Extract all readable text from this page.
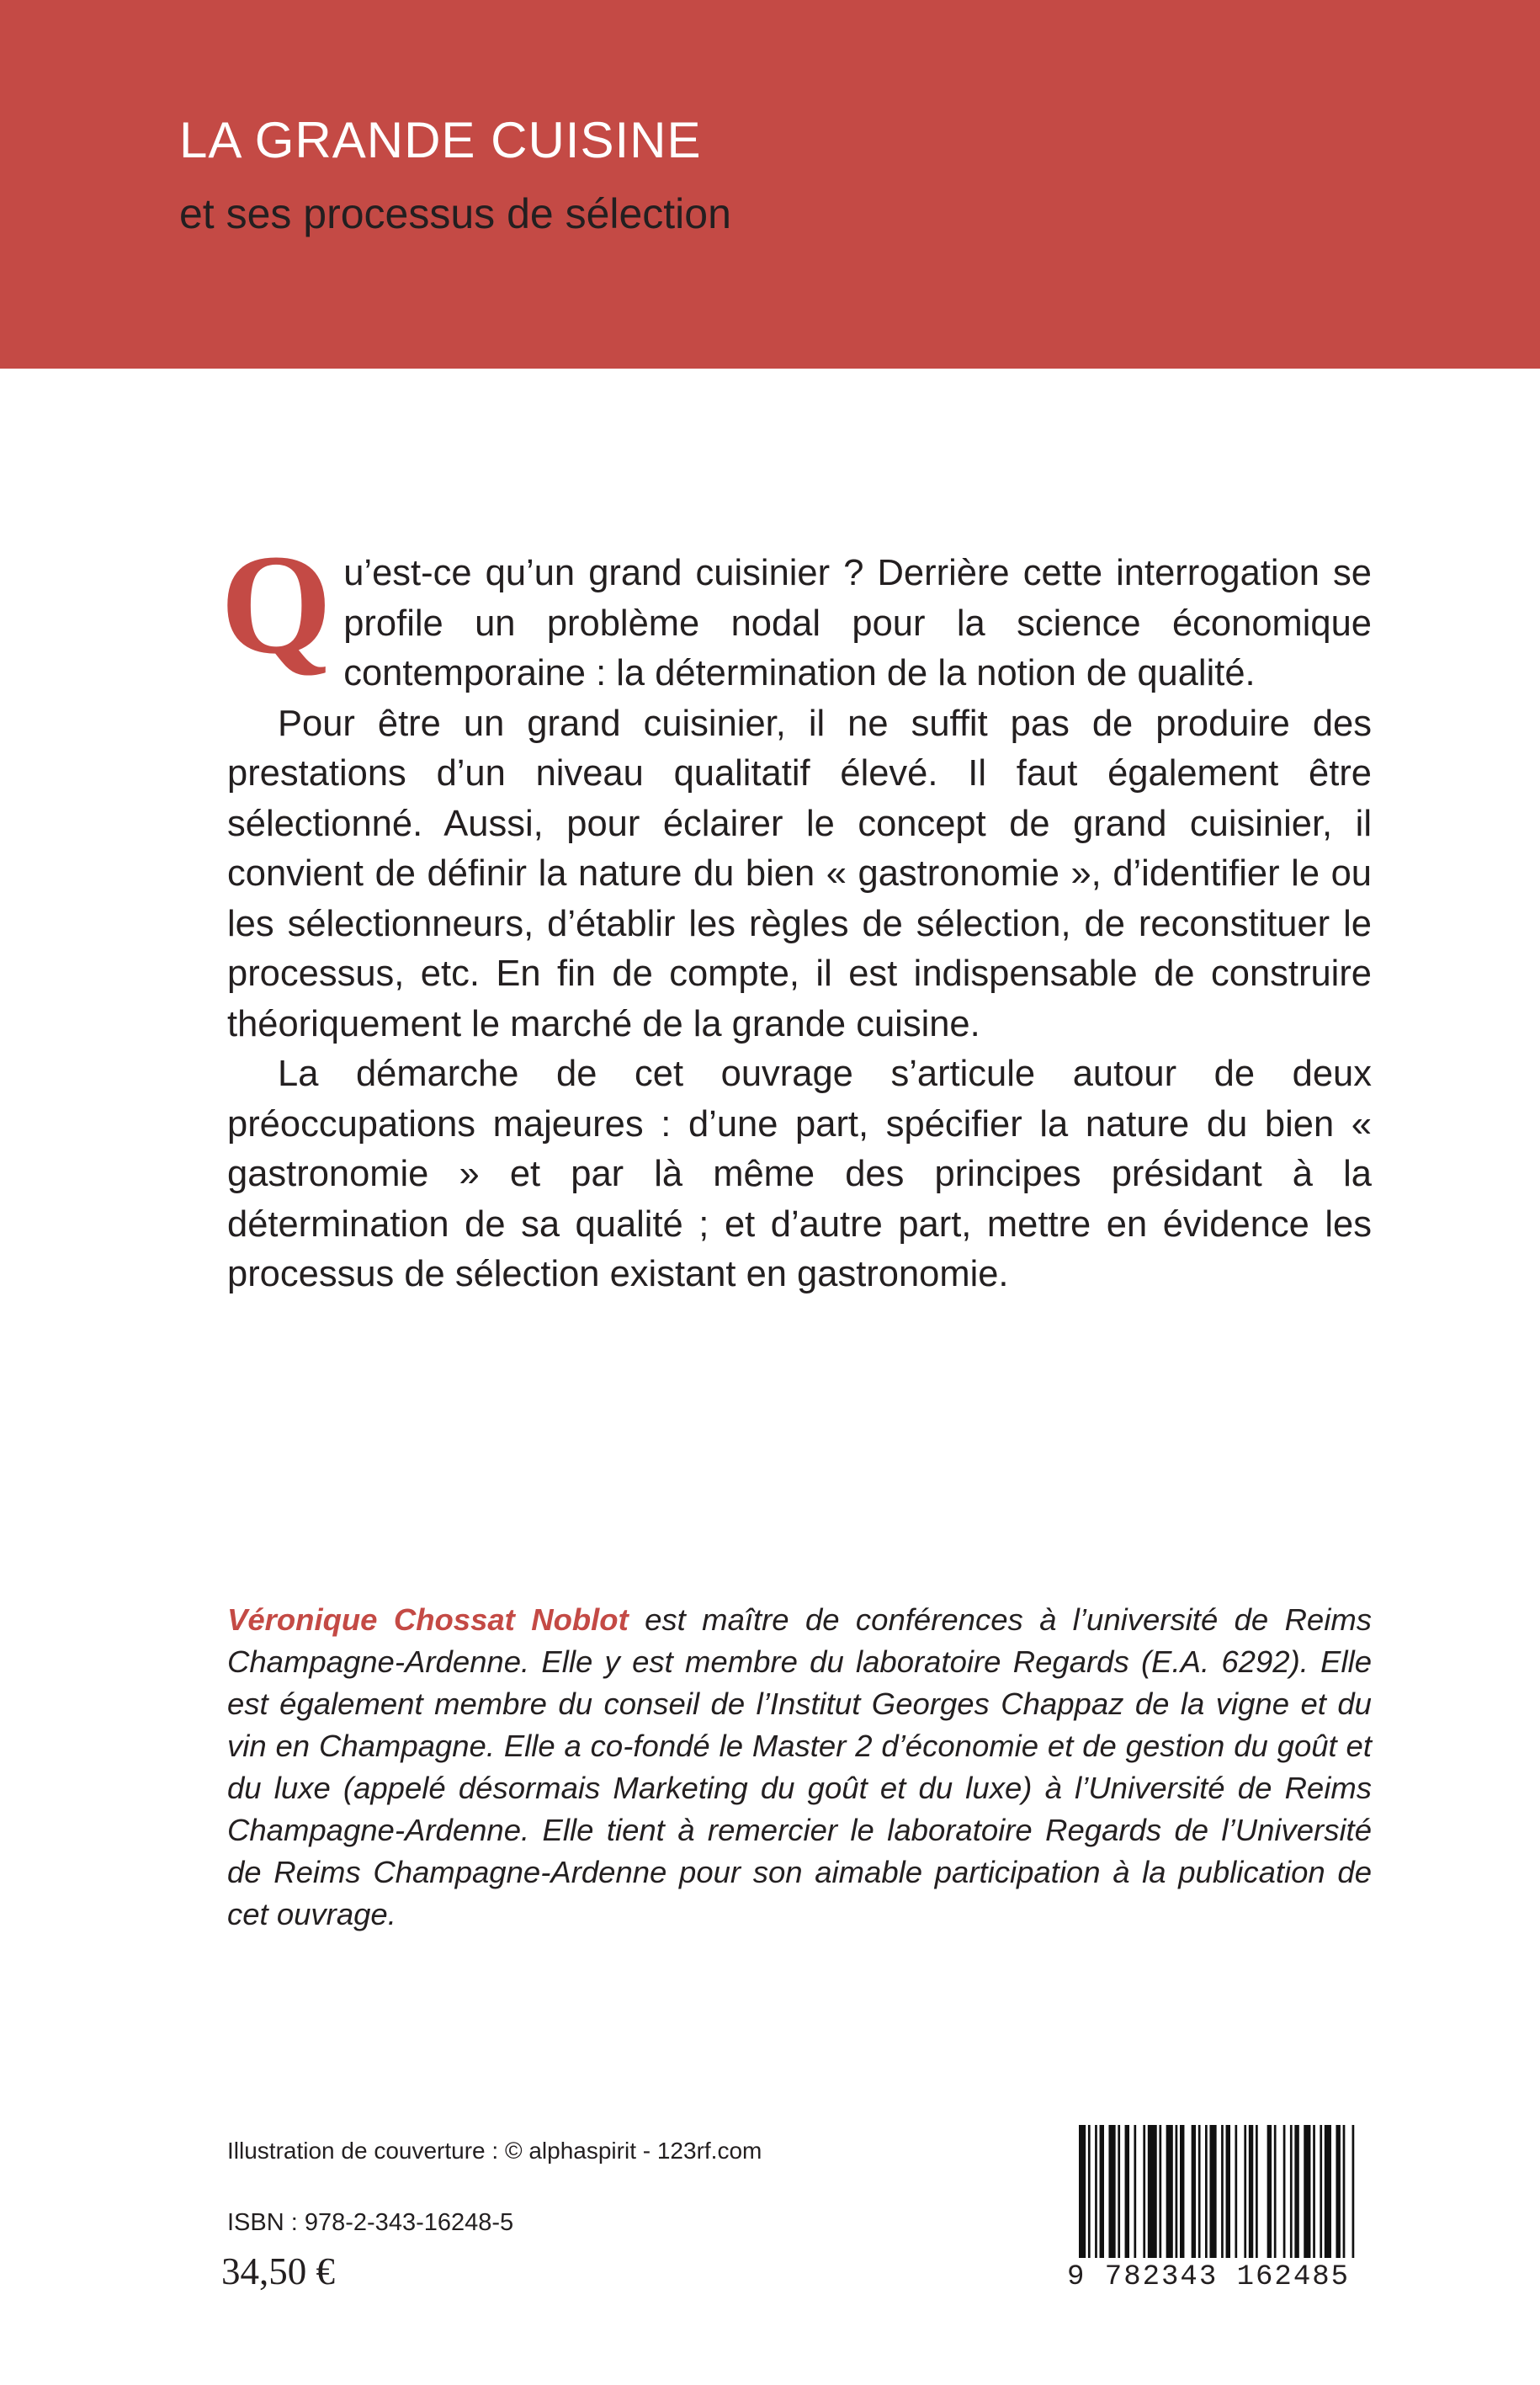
LA GRANDE CUISINE
et ses processus de sélection

Qu’est-ce qu’un grand cuisinier ? Derrière cette interrogation se profile un problème nodal pour la science économique contemporaine : la détermination de la notion de qualité.

Pour être un grand cuisinier, il ne suffit pas de produire des prestations d’un niveau qualitatif élevé. Il faut également être sélectionné. Aussi, pour éclairer le concept de grand cuisinier, il convient de définir la nature du bien « gastronomie », d’identifier le ou les sélectionneurs, d’établir les règles de sélection, de reconstituer le processus, etc. En fin de compte, il est indispensable de construire théoriquement le marché de la grande cuisine.

La démarche de cet ouvrage s’articule autour de deux préoccupations majeures : d’une part, spécifier la nature du bien « gastronomie » et par là même des principes présidant à la détermination de sa qualité ; et d’autre part, mettre en évidence les processus de sélection existant en gastronomie.

Véronique Chossat Noblot est maître de conférences à l’université de Reims Champagne-Ardenne. Elle y est membre du laboratoire Regards (E.A. 6292). Elle est également membre du conseil de l’Institut Georges Chappaz de la vigne et du vin en Champagne. Elle a co-fondé le Master 2 d’économie et de gestion du goût et du luxe (appelé désormais Marketing du goût et du luxe) à l’Université de Reims Champagne-Ardenne. Elle tient à remercier le laboratoire Regards de l’Université de Reims Champagne-Ardenne pour son aimable participation à la publication de cet ouvrage.
Illustration de couverture : © alphaspirit - 123rf.com
ISBN : 978-2-343-16248-5
34,50 €	9 782343 162485
